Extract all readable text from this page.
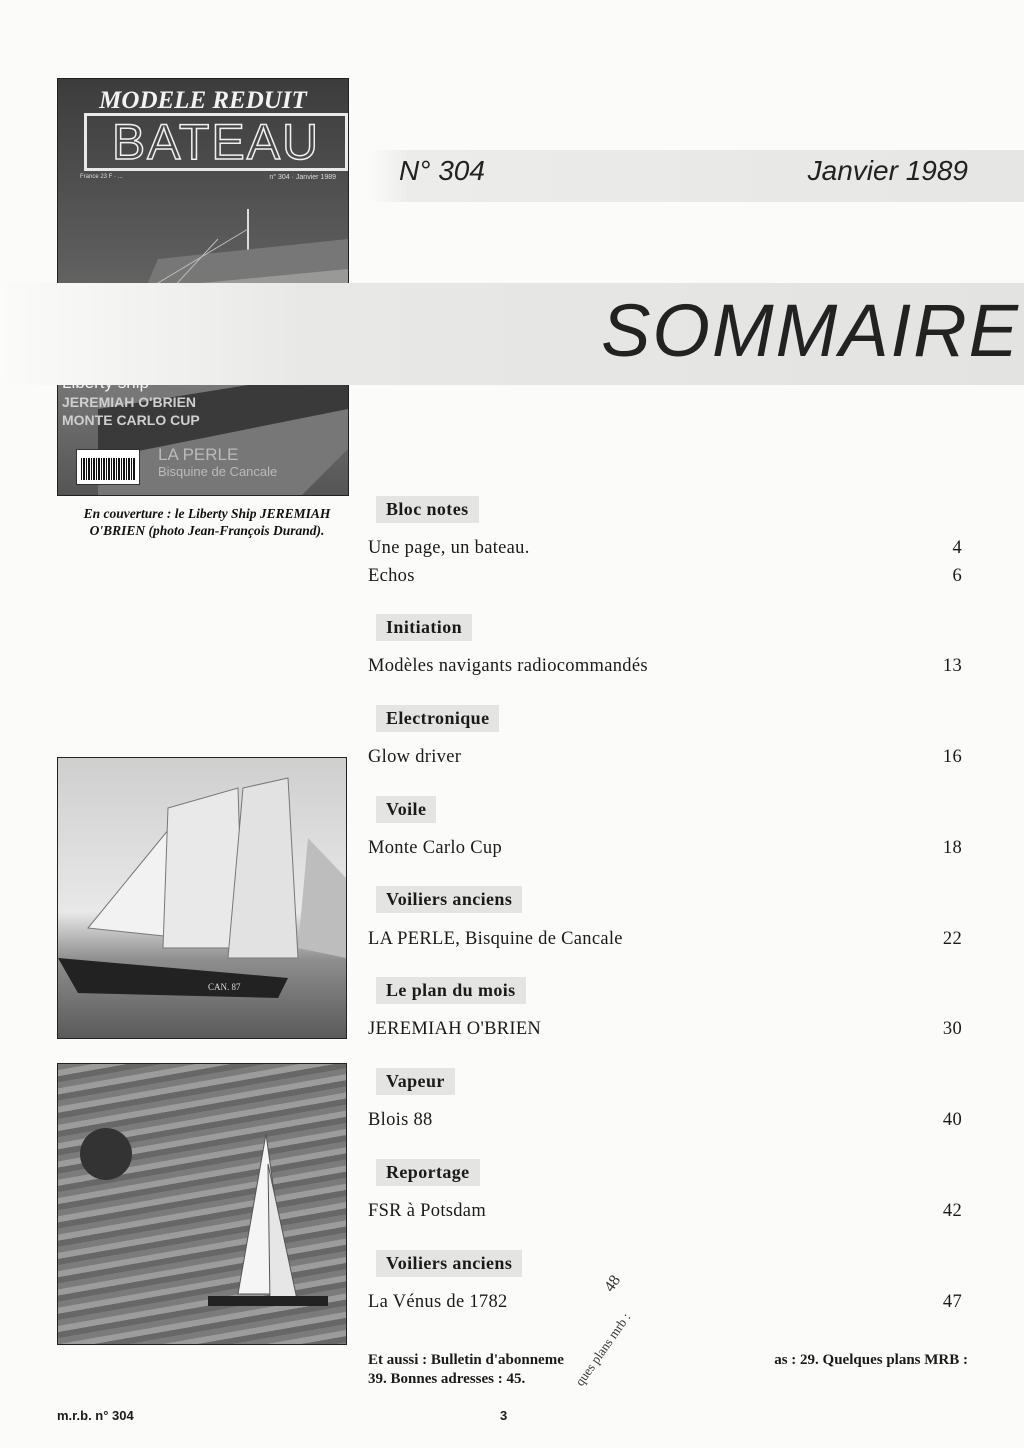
MODELE REDUIT
BATEAU
France 23 F · ...	n° 304 · Janvier 1989
JEREMIAH O'BRIEN
MONTE CARLO CUP
LA PERLE
Bisquine de Cancale
En couverture : le Liberty Ship JEREMIAH O'BRIEN (photo Jean-François Durand).
N° 304	Janvier 1989
SOMMAIRE
Bloc notes
Une page, un bateau.	4
Echos	6
Initiation
Modèles navigants radiocommandés	13
Electronique
Glow driver	16
Voile
Monte Carlo Cup	18
Voiliers anciens
LA PERLE, Bisquine de Cancale	22
Le plan du mois
JEREMIAH O'BRIEN	30
Vapeur
Blois 88	40
Reportage
FSR à Potsdam	42
Voiliers anciens
La Vénus de 1782	47
CAN. 87
Et aussi : Bulletin d'abonneme	as : 29. Quelques plans MRB :
39. Bonnes adresses : 45.
48
ques plans mrb :
m.r.b. n° 304	3
